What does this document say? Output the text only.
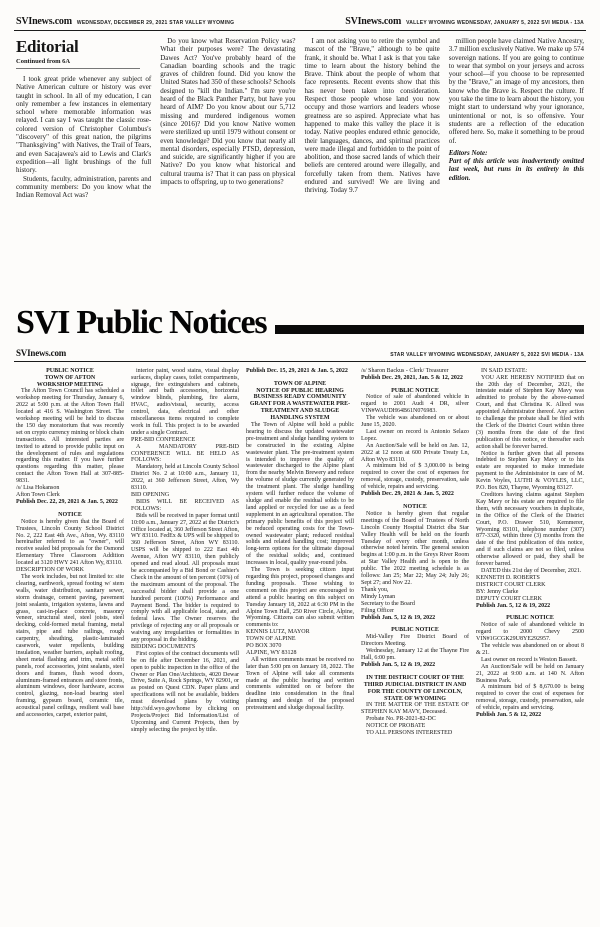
SVInews.com WEDNESDAY, DECEMBER 29, 2021 STAR VALLEY WYOMING	SVInews.com VALLEY WYOMING WEDNESDAY, JANUARY 5, 2022 SVI MEDIA - 13A
Editorial
Continued from 6A
I took great pride whenever any subject of Native American culture or history was ever taught in school. In all of my education, I can only remember a few instances in elementary school where memorable information was relayed. I can say I was taught the classic rose-colored version of Christopher Columbus's "discovery" of this great nation, the pilgrims "Thanksgiving" with Natives, the Trail of Tears, and even Sacajawea's aid to Lewis and Clark's expedition—all light brushings of the full history.
Students, faculty, administration, parents and community members: Do you know what the Indian Removal Act was?
Do you know what Reservation Policy was? What their purposes were? The devastating Dawes Act? You've probably heard of the Canadian boarding schools and the tragic graves of children found. Did you know the United States had 350 of these schools? Schools designed to "kill the Indian." I'm sure you're heard of the Black Panther Party, but have you heard of AIM? Do you know about our 5,712 missing and murdered indigenous women (since 2016)? Did you know Native women were sterilized up until 1979 without consent or even knowledge? Did you know that nearly all mental disorders, especially PTSD, depression, and suicide, are significantly higher if you are Native? Do you know what historical and cultural trauma is? That it can pass on physical impacts to offspring, up to two generations?
I am not asking you to retire the symbol and mascot of the "Brave," although to be quite frank, it should be. What I ask is that you take time to learn about the history behind the Brave. Think about the people of whom that face represents. Recent events show that this has never been taken into consideration. Respect those people whose land you now occupy and those warriors and leaders whose greatness are so aspired. Appreciate what has happened to make this valley the place it is today. Native peoples endured ethnic genocide, their languages, dances, and spiritual practices were made illegal and forbidden to the point of abolition, and those sacred lands of which their beliefs are centered around were illegally, and forcefully taken from them. Natives have endured and survived! We are living and thriving. Today 9.7
million people have claimed Native Ancestry, 3.7 million exclusively Native. We make up 574 sovereign nations. If you are going to continue to wear that symbol on your jerseys and across your school—if you choose to be represented by the "Brave," an image of my ancestors, then know who the Brave is. Respect the culture. If you take the time to learn about the history, you might start to understand why your ignorance, unintentional or not, is so offensive. Your students are a reflection of the education offered here. So, make it something to be proud of.
Editors Note:
Part of this article was inadvertently omitted last week, but runs in its entirety in this edition.
SVI Public Notices
SVInews.com	STAR VALLEY WYOMING WEDNESDAY, JANUARY 5, 2022 SVI MEDIA - 13A
PUBLIC NOTICE
TOWN OF AFTON
WORKSHOP MEETING
The Afton Town Council has scheduled a workshop meeting for Thursday, January 6, 2022 at 5:00 p.m. at the Afton Town Hall located at 416 S. Washington Street. The workshop meeting will be held to discuss the 150 day moratorium that was recently set on crypto currency mining or block chain transactions. All interested parties are invited to attend to provide public input on the development of rules and regulations regarding this matter. If you have further questions regarding this matter, please contact the Afton Town Hall at 307-885-9831.
/s/ Lisa Hokanson
Afton Town Clerk
Publish Dec. 22, 29, 2021 & Jan. 5, 2022
NOTICE
Notice is hereby given that the Board of Trustees, Lincoln County School District No. 2, 222 East 4th Ave., Afton, Wy. 83110 hereinafter referred to as "owner", will receive sealed bid proposals for the Osmond Elementary Three Classroom Addition located at 3120 HWY 241 Afton Wy, 83110.
DESCRIPTION OF WORK
The work includes, but not limited to: site clearing, earthwork, spread footing w/ stem walls, water distribution, sanitary sewer, storm drainage, cement paving, pavement joint sealants, irrigation systems, lawns and grass, cast-in-place concrete, masonry veneer, structural steel, steel joists, steel decking, cold-formed metal framing, metal stairs, pipe and tube railings, rough carpentry, sheathing, plastic-laminated casework, water repellents, building insulation, weather barriers, asphalt roofing, sheet metal flashing and trim, metal soffit panels, roof accessories, joint sealants, steel doors and frames, flush wood doors, aluminum-framed entrances and store fronts, aluminum windows, door hardware, access control, glazing, non-load bearing steel framing, gypsum board, ceramic tile, acoustical panel ceilings, resilient wall base and accessories, carpet, exterior paint,
interior paint, wood stains, visual display surfaces, display cases, toilet compartments, signage, fire extinguishers and cabinets, toilet and bath accessories, horizontal window blinds, plumbing, fire alarm, HVAC, audio/visual, security, access control, data, electrical and other miscellaneous items required to complete work in full. This project is to be awarded under a single Contract.
PRE-BID CONFERENCE
A MANDATORY PRE-BID CONFERENCE WILL BE HELD AS FOLLOWS:
Mandatory, held at Lincoln County School District No. 2 at 10:00 a.m., January 11, 2022, at 360 Jefferson Street, Afton, Wy 83110.
BID OPENING
BIDS WILL BE RECEIVED AS FOLLOWS:
Bids will be received in paper format until 10:00 a.m., January 27, 2022 at the District's Office located at, 360 Jefferson Street Afton, WY 83110. FedEx & UPS will be shipped to 360 Jefferson Street, Afton WY 83110. USPS will be shipped to 222 East 4th Avenue, Afton WY 83110, then publicly opened and read aloud. All proposals must be accompanied by a Bid Bond or Cashier's Check in the amount of ten percent (10%) of the maximum amount of the proposal. The successful bidder shall provide a one hundred percent (100%) Performance and Payment Bond. The bidder is required to comply with all applicable local, state, and federal laws. The Owner reserves the privilege of rejecting any or all proposals or waiving any irregularities or formalities in any proposal in the bidding.
BIDDING DOCUMENTS
First copies of the contract documents will be on file after December 16, 2021, and open to public inspection in the office of the Owner or Plan One/Architects, 4020 Dewar Drive, Suite A, Rock Springs, WY 82901, or as posted on Quest CDN. Paper plans and specifications will not be available, bidders must download plans by visiting http://sfd.wyo.gov/home by clicking on Projects/Project Bid Information/List of Upcoming and Current Projects, then by simply selecting the project by title.
Publish Dec. 15, 29, 2021 & Jan. 5, 2022
TOWN OF ALPINE
NOTICE OF PUBLIC HEARING
BUSINESS READY COMMUNITY GRANT FOR A WASTEWATER PRE-TREATMENT AND SLUDGE HANDLING SYSTEM
The Town of Alpine will hold a public hearing to discuss the updated wastewater pre-treatment and sludge handling system to be constructed in the existing Alpine wastewater plant. The pre-treatment system is intended to improve the quality of wastewater discharged to the Alpine plant from the nearby Melvin Brewery and reduce the volume of sludge currently generated by the treatment plant. The sludge handling system will further reduce the volume of sludge and enable the residual solids to be land applied or recycled for use as a feed supplement in an agricultural operation. The primary public benefits of this project will be reduced operating costs for the Town-owned wastewater plant; reduced residual solids and related handling cost; improved long-term options for the ultimate disposal of the residual solids; and, continued increases in local, quality year-round jobs.
The Town is seeking citizen input regarding this project, proposed changes and funding proposals. Those wishing to comment on this project are encouraged to attend a public hearing on this subject on Tuesday January 18, 2022 at 6:30 PM in the Alpine Town Hall, 250 River Circle, Alpine, Wyoming. Citizens can also submit written comments to:
KENNIS LUTZ, MAYOR
TOWN OF ALPINE
PO BOX 3070
ALPINE, WY 83128
All written comments must be received no later than 5:00 pm on January 18, 2022. The Town of Alpine will take all comments made at the public hearing and written comments submitted on or before the deadline into consideration in the final planning and design of the proposed pretreatment and sludge disposal facility.
/s/ Sharon Backus - Clerk/ Treasurer
Publish Dec. 29, 2021, Jan. 5 & 12, 2022
PUBLIC NOTICE
Notice of sale of abandoned vehicle in regard to 2001 Audi 4 DR, silver VIN#WAUDH64B61N076983.
The vehicle was abandoned on or about June 15, 2020.
Last owner on record is Antonio Selazo Lopez.
An Auction/Sale will be held on Jan. 12, 2022 at 12 noon at 600 Private Treaty Ln, Afton Wyo 83110.
A minimum bid of $ 3,000.00 is being required to cover the cost of expenses for removal, storage, custody, preservation, sale of vehicle, repairs and servicing.
Publish Dec. 29, 2021 & Jan. 5, 2022
NOTICE
Notice is hereby given that regular meetings of the Board of Trustees of North Lincoln County Hospital District dba Star Valley Health will be held on the fourth Tuesday of every other month, unless otherwise noted herein. The general session begins at 1:00 p.m. in the Greys River Room at Star Valley Health and is open to the public. The 2022 meeting schedule is as follows: Jan 25; Mar 22; May 24; July 26; Sept 27; and Nov 22.
Thank you,
Mindy Lyman
Secretary to the Board
Filing Officer
Publish Jan. 5, 12 & 19, 2022
PUBLIC NOTICE
Mid-Valley Fire District Board of Directors Meeting.
Wednesday, January 12 at the Thayne Fire Hall, 6:00 pm.
Publish Jan. 5, 12 & 19, 2022
IN THE DISTRICT COURT OF THE THIRD JUDICIAL DISTRICT IN AND FOR THE COUNTY OF LINCOLN, STATE OF WYOMING
IN THE MATTER OF THE ESTATE OF STEPHEN KAY MAVY, Deceased.
Probate No. PR-2021-82-DC
NOTICE OF PROBATE
TO ALL PERSONS INTERESTED
IN SAID ESTATE:
YOU ARE HEREBY NOTIFIED that on the 20th day of December, 2021, the intestate estate of Stephen Kay Mavy was admitted to probate by the above-named Court, and that Christina K. Allred was appointed Administrator thereof. Any action to challenge the probate shall be filed with the Clerk of the District Court within three (3) months from the date of the first publication of this notice, or thereafter such action shall be forever barred.
Notice is further given that all persons indebted to Stephen Kay Mavy or to his estate are requested to make immediate payment to the Administrator in care of M. Kevin Voyles, LUTHI & VOYLES, LLC, P.O. Box 820, Thayne, Wyoming 83127.
Creditors having claims against Stephen Kay Mavy or his estate are required to file them, with necessary vouchers in duplicate, in the Office of the Clerk of the District Court, P.O. Drawer 510, Kemmerer, Wyoming 83101, telephone number (307) 877-3320, within three (3) months from the date of the first publication of this notice, and if such claims are not so filed, unless otherwise allowed or paid, they shall be forever barred.
DATED this 21st day of December, 2021.
KENNETH D. ROBERTS
DISTRICT COURT CLERK
BY: Jenny Clarke
DEPUTY COURT CLERK
Publish Jan. 5, 12 & 19, 2022
PUBLIC NOTICE
Notice of sale of abandoned vehicle in regard to 2000 Chevy 2500 VIN#1GCGK29U8YE292957.
The vehicle was abandoned on or about 8 & 21.
Last owner on record is Weston Bassett.
An Auction/Sale will be held on January 21, 2022 at 9:00 a.m. at 140 N. Afton Business Park.
A minimum bid of $ 8,670.00 is being required to cover the cost of expenses for removal, storage, custody, preservation, sale of vehicle, repairs and servicing.
Publish Jan. 5 & 12, 2022
